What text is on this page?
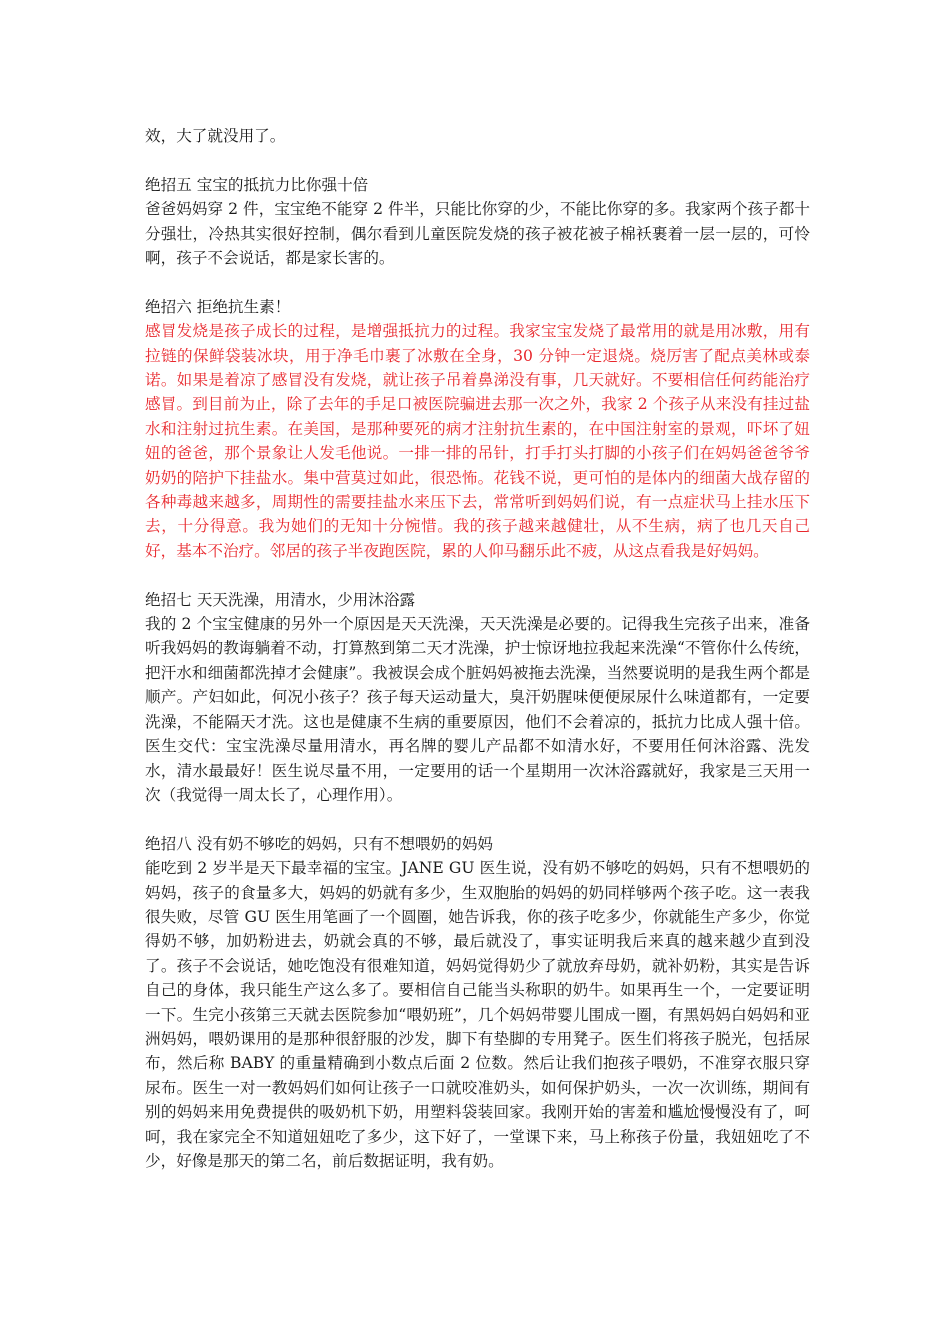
效，大了就没用了。

绝招五 宝宝的抵抗力比你强十倍

爸爸妈妈穿 2 件，宝宝绝不能穿 2 件半，只能比你穿的少，不能比你穿的多。我家两个孩子都十分强壮，冷热其实很好控制，偶尔看到儿童医院发烧的孩子被花被子棉袄裹着一层一层的，可怜啊，孩子不会说话，都是家长害的。

绝招六 拒绝抗生素！

感冒发烧是孩子成长的过程，是增强抵抗力的过程。我家宝宝发烧了最常用的就是用冰敷，用有拉链的保鲜袋装冰块，用于净毛巾裹了冰敷在全身，30 分钟一定退烧。烧厉害了配点美林或泰诺。如果是着凉了感冒没有发烧，就让孩子吊着鼻涕没有事，几天就好。不要相信任何药能治疗感冒。到目前为止，除了去年的手足口被医院骗进去那一次之外，我家 2 个孩子从来没有挂过盐水和注射过抗生素。在美国，是那种要死的病才注射抗生素的，在中国注射室的景观，吓坏了妞妞的爸爸，那个景象让人发毛他说。一排一排的吊针，打手打头打脚的小孩子们在妈妈爸爸爷爷奶奶的陪护下挂盐水。集中营莫过如此，很恐怖。花钱不说，更可怕的是体内的细菌大战存留的各种毒越来越多，周期性的需要挂盐水来压下去，常常听到妈妈们说，有一点症状马上挂水压下去，十分得意。我为她们的无知十分惋惜。我的孩子越来越健壮，从不生病，病了也几天自己好，基本不治疗。邻居的孩子半夜跑医院，累的人仰马翻乐此不疲，从这点看我是好妈妈。

绝招七 天天洗澡，用清水，少用沐浴露

我的 2 个宝宝健康的另外一个原因是天天洗澡，天天洗澡是必要的。记得我生完孩子出来，准备听我妈妈的教诲躺着不动，打算熬到第二天才洗澡，护士惊讶地拉我起来洗澡“不管你什么传统，把汗水和细菌都洗掉才会健康”。我被误会成个脏妈妈被拖去洗澡，当然要说明的是我生两个都是顺产。产妇如此，何况小孩子？孩子每天运动量大，臭汗奶腥味便便尿尿什么味道都有，一定要洗澡，不能隔天才洗。这也是健康不生病的重要原因，他们不会着凉的，抵抗力比成人强十倍。医生交代：宝宝洗澡尽量用清水，再名牌的婴儿产品都不如清水好，不要用任何沐浴露、洗发水，清水最最好！医生说尽量不用，一定要用的话一个星期用一次沐浴露就好，我家是三天用一次（我觉得一周太长了，心理作用）。

绝招八 没有奶不够吃的妈妈，只有不想喂奶的妈妈

能吃到 2 岁半是天下最幸福的宝宝。JANE GU 医生说，没有奶不够吃的妈妈，只有不想喂奶的妈妈，孩子的食量多大，妈妈的奶就有多少，生双胞胎的妈妈的奶同样够两个孩子吃。这一表我很失败，尽管 GU 医生用笔画了一个圆圈，她告诉我，你的孩子吃多少，你就能生产多少，你觉得奶不够，加奶粉进去，奶就会真的不够，最后就没了，事实证明我后来真的越来越少直到没了。孩子不会说话，她吃饱没有很难知道，妈妈觉得奶少了就放弃母奶，就补奶粉，其实是告诉自己的身体，我只能生产这么多了。要相信自己能当头称职的奶牛。如果再生一个，一定要证明一下。生完小孩第三天就去医院参加“喂奶班”，几个妈妈带婴儿围成一圈，有黑妈妈白妈妈和亚洲妈妈，喂奶课用的是那种很舒服的沙发，脚下有垫脚的专用凳子。医生们将孩子脱光，包括尿布，然后称 BABY 的重量精确到小数点后面 2 位数。然后让我们抱孩子喂奶，不准穿衣服只穿尿布。医生一对一教妈妈们如何让孩子一口就咬准奶头，如何保护奶头，一次一次训练，期间有别的妈妈来用免费提供的吸奶机下奶，用塑料袋装回家。我刚开始的害羞和尴尬慢慢没有了，呵呵，我在家完全不知道妞妞吃了多少，这下好了，一堂课下来，马上称孩子份量，我妞妞吃了不少，好像是那天的第二名，前后数据证明，我有奶。
